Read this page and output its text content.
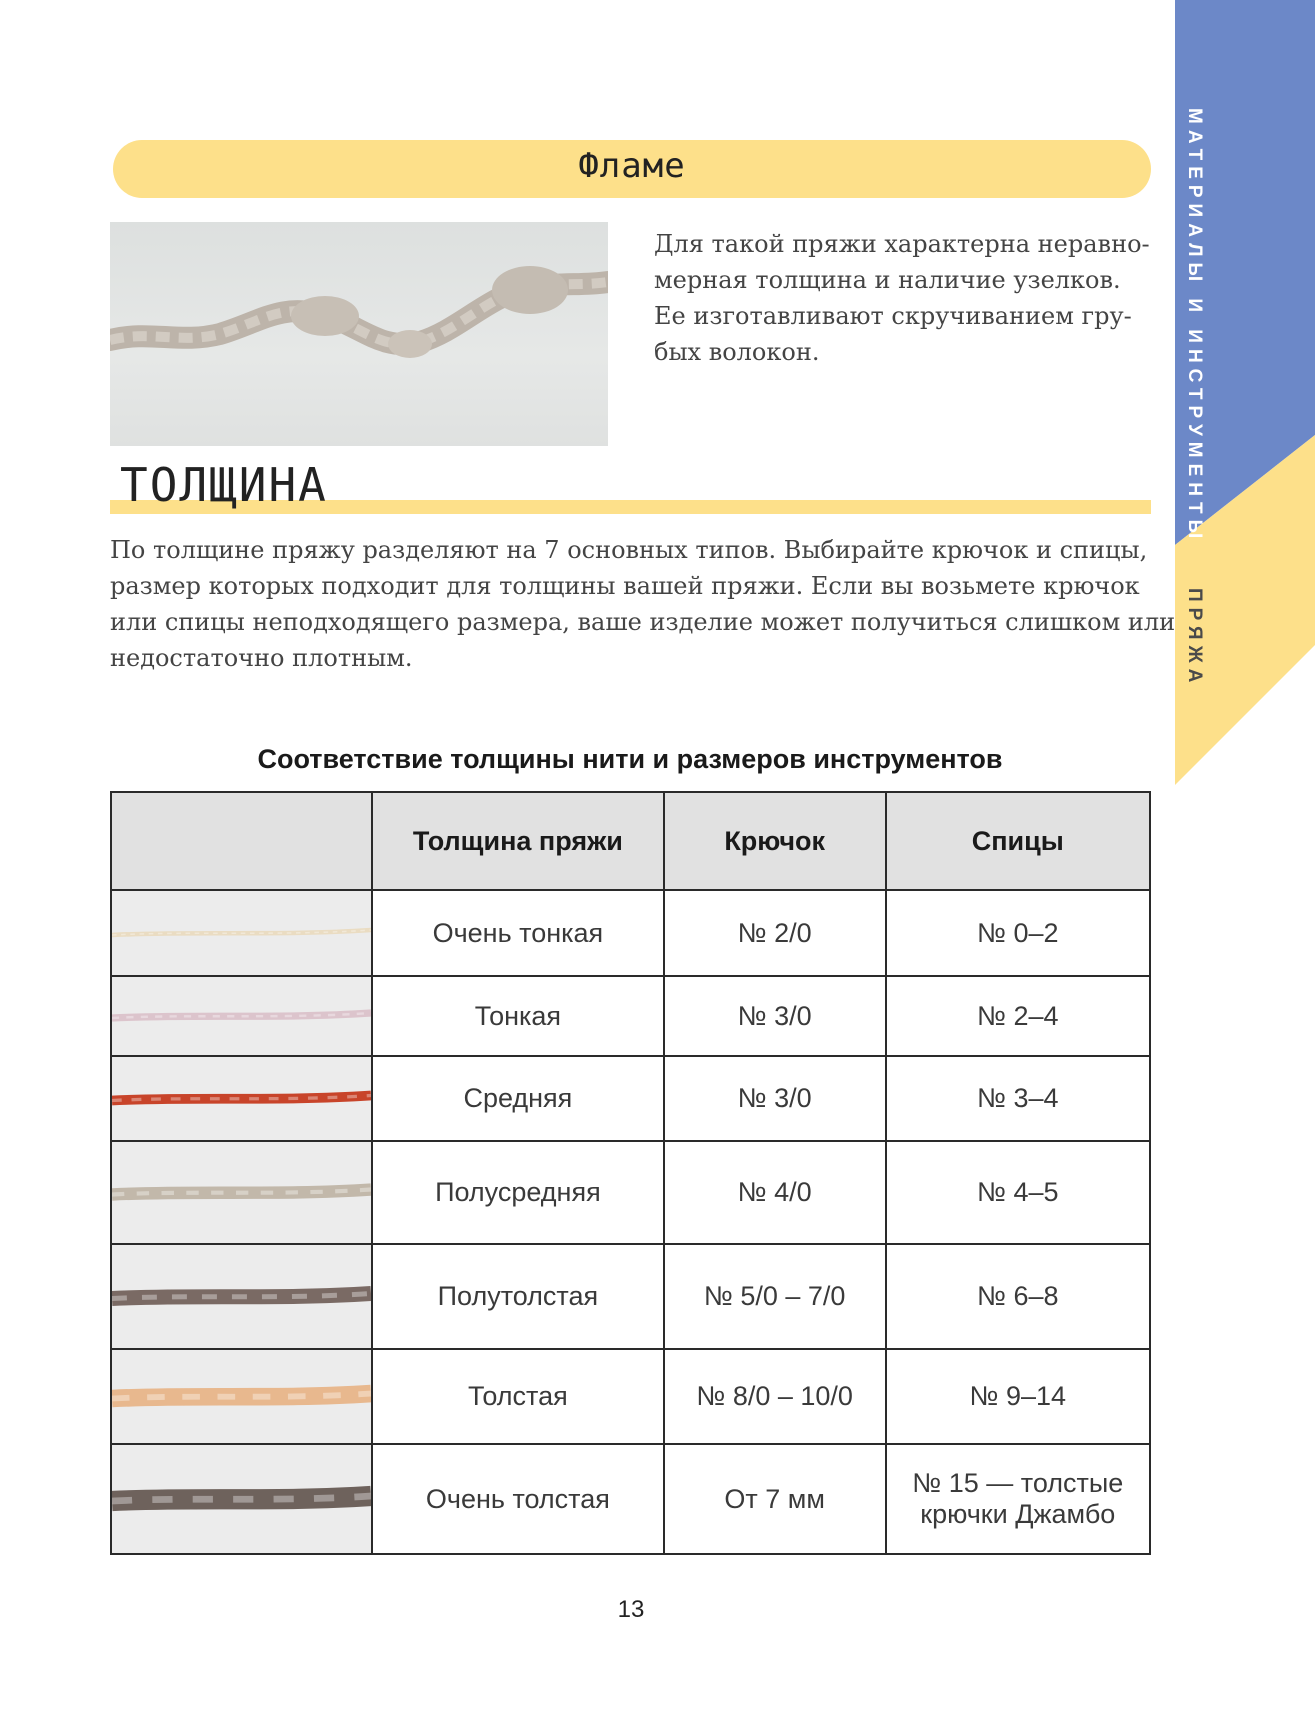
МАТЕРИАЛЫ И ИНСТРУМЕНТЫ
ПРЯЖА
Фламе
Для такой пряжи характерна неравно-
мерная толщина и наличие узелков.
Ее изготавливают скручиванием гру-
бых волокон.
ТОЛЩИНА
По толщине пряжу разделяют на 7 основных типов. Выбирайте крючок и спицы,
размер которых подходит для толщины вашей пряжи. Если вы возьмете крючок
или спицы неподходящего размера, ваше изделие может получиться слишком или
недостаточно плотным.
Соответствие толщины нити и размеров инструментов
	Толщина пряжи	Крючок	Спицы

	Очень тонкая	№ 2/0	№ 0–2

	Тонкая	№ 3/0	№ 2–4

	Средняя	№ 3/0	№ 3–4

	Полусредняя	№ 4/0	№ 4–5

	Полутолстая	№ 5/0 – 7/0	№ 6–8

	Толстая	№ 8/0 – 10/0	№ 9–14

	Очень толстая	От 7 мм	№ 15 — толстые
крючки Джамбо
13
